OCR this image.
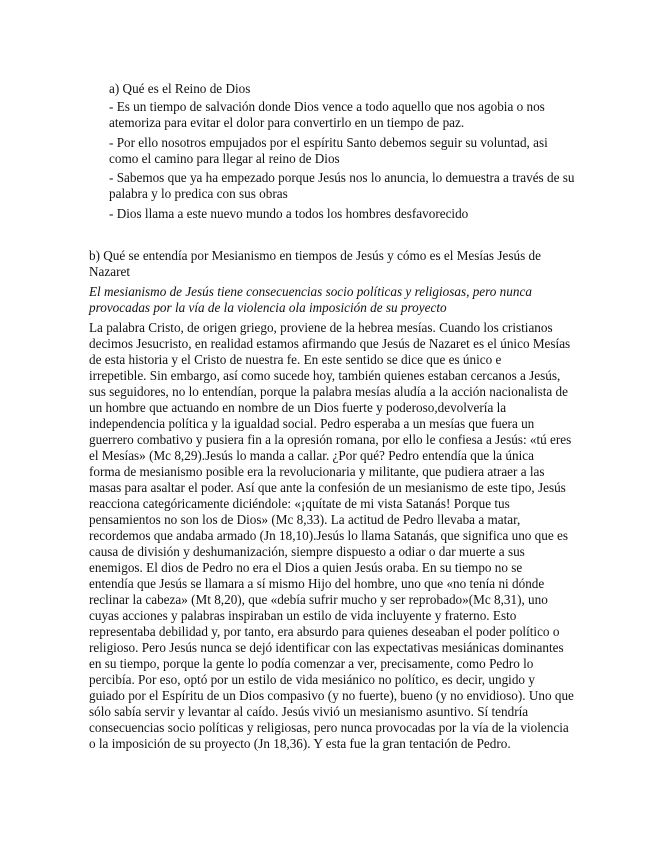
a) Qué es el Reino de Dios
- Es un tiempo de salvación donde Dios vence a todo aquello que nos agobia o nos
atemoriza para evitar el dolor para convertirlo en un tiempo de paz.
- Por ello nosotros empujados por el espíritu Santo debemos seguir su voluntad, asi
como el camino para llegar al reino de Dios
- Sabemos que ya ha empezado porque Jesús nos lo anuncia, lo demuestra a través de su
palabra y lo predica con sus obras
- Dios llama a este nuevo mundo a todos los hombres desfavorecido
b) Qué se entendía por Mesianismo en tiempos de Jesús y cómo es el Mesías Jesús de
Nazaret
El mesianismo de Jesús tiene consecuencias socio políticas y religiosas, pero nunca
provocadas por la vía de la violencia ola imposición de su proyecto
La palabra Cristo, de origen griego, proviene de la hebrea mesías. Cuando los cristianos
decimos Jesucristo, en realidad estamos afirmando que Jesús de Nazaret es el único Mesías
de esta historia y el Cristo de nuestra fe. En este sentido se dice que es único e
irrepetible. Sin embargo, así como sucede hoy, también quienes estaban cercanos a Jesús,
sus seguidores, no lo entendían, porque la palabra mesías aludía a la acción nacionalista de
un hombre que actuando en nombre de un Dios fuerte y poderoso,devolvería la
independencia política y la igualdad social. Pedro esperaba a un mesías que fuera un
guerrero combativo y pusiera fin a la opresión romana, por ello le confiesa a Jesús: «tú eres
el Mesías» (Mc 8,29).Jesús lo manda a callar. ¿Por qué? Pedro entendía que la única
forma de mesianismo posible era la revolucionaria y militante, que pudiera atraer a las
masas para asaltar el poder. Así que ante la confesión de un mesianismo de este tipo, Jesús
reacciona categóricamente diciéndole: «¡quítate de mi vista Satanás! Porque tus
pensamientos no son los de Dios» (Mc 8,33). La actitud de Pedro llevaba a matar,
recordemos que andaba armado (Jn 18,10).Jesús lo llama Satanás, que significa uno que es
causa de división y deshumanización, siempre dispuesto a odiar o dar muerte a sus
enemigos. El dios de Pedro no era el Dios a quien Jesús oraba. En su tiempo no se
entendía que Jesús se llamara a sí mismo Hijo del hombre, uno que «no tenía ni dónde
reclinar la cabeza» (Mt 8,20), que «debía sufrir mucho y ser reprobado»(Mc 8,31), uno
cuyas acciones y palabras inspiraban un estilo de vida incluyente y fraterno. Esto
representaba debilidad y, por tanto, era absurdo para quienes deseaban el poder político o
religioso. Pero Jesús nunca se dejó identificar con las expectativas mesiánicas dominantes
en su tiempo, porque la gente lo podía comenzar a ver, precisamente, como Pedro lo
percibía. Por eso, optó por un estilo de vida mesiánico no político, es decir, ungido y
guiado por el Espíritu de un Dios compasivo (y no fuerte), bueno (y no envidioso). Uno que
sólo sabía servir y levantar al caído. Jesús vivió un mesianismo asuntivo. Sí tendría
consecuencias socio políticas y religiosas, pero nunca provocadas por la vía de la violencia
o la imposición de su proyecto (Jn 18,36). Y esta fue la gran tentación de Pedro.
